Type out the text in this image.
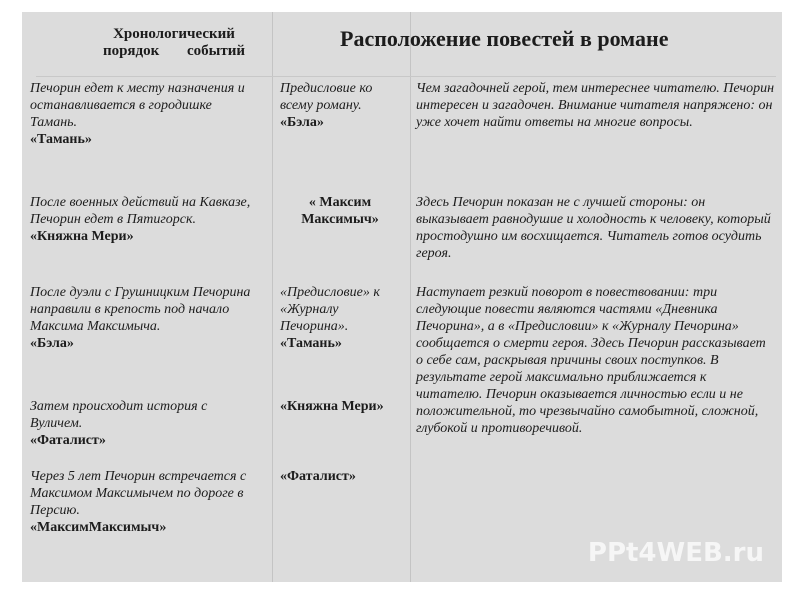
Хронологический
порядок событий	Расположение повестей в романе
Печорин едет к месту назначения и останавливается в городишке Тамань.
«Тамань»
Предисловие ко всему роману.
«Бэла»
Чем загадочней герой, тем интереснее читателю. Печорин интересен и загадочен. Внимание читателя напряжено: он уже хочет найти ответы на многие вопросы.
После военных действий на Кавказе, Печорин едет в Пятигорск.
«Княжна Мери»
« Максим Максимыч»
Здесь Печорин показан не с лучшей стороны: он выказывает равнодушие и холодность к человеку, который простодушно им восхищается. Читатель готов осудить героя.
После дуэли с Грушницким Печорина направили в крепость под начало Максима Максимыча.
«Бэла»
«Предисловие» к «Журналу Печорина».
«Тамань»
Наступает резкий поворот в повествовании: три следующие повести являются частями «Дневника Печорина», а в «Предисловии» к «Журналу Печорина» сообщается о смерти героя. Здесь Печорин рассказывает о себе сам, раскрывая причины своих поступков. В результате герой максимально приближается к читателю. Печорин оказывается личностью если и не положительной, то чрезвычайно самобытной, сложной, глубокой и противоречивой.
Затем происходит история с Вуличем.
«Фаталист»
«Княжна Мери»
Через 5 лет Печорин встречается с Максимом Максимычем по дороге в Персию.
«МаксимМаксимыч»
«Фаталист»
PPt4WEB.ru
